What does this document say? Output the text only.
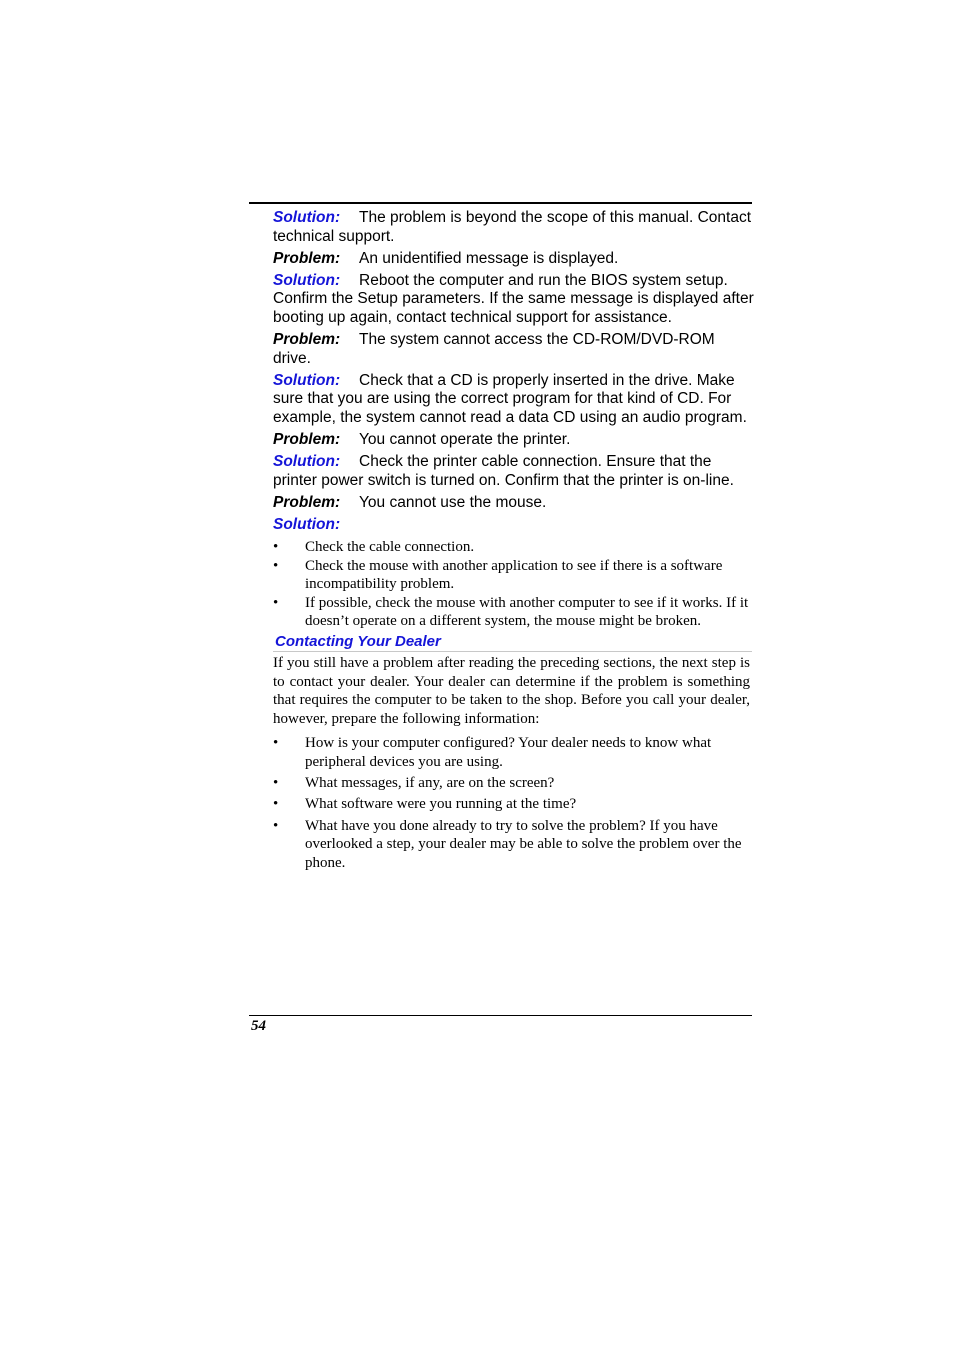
Solution: The problem is beyond the scope of this manual. Contact technical support.

Problem: An unidentified message is displayed.

Solution: Reboot the computer and run the BIOS system setup. Confirm the Setup parameters. If the same message is displayed after booting up again, contact technical support for assistance.

Problem: The system cannot access the CD-ROM/DVD-ROM drive.

Solution: Check that a CD is properly inserted in the drive. Make sure that you are using the correct program for that kind of CD. For example, the system cannot read a data CD using an audio program.

Problem: You cannot operate the printer.

Solution: Check the printer cable connection. Ensure that the printer power switch is turned on. Confirm that the printer is on-line.

Problem: You cannot use the mouse.

Solution:

•	Check the cable connection.
•	Check the mouse with another application to see if there is a software incompatibility problem.
•	If possible, check the mouse with another computer to see if it works. If it doesn’t operate on a different system, the mouse might be broken.
Contacting Your Dealer

If you still have a problem after reading the preceding sections, the next step is to contact your dealer. Your dealer can determine if the problem is something that requires the computer to be taken to the shop. Before you call your dealer, however, prepare the following information:

•	How is your computer configured? Your dealer needs to know what peripheral devices you are using.
•	What messages, if any, are on the screen?
•	What software were you running at the time?
•	What have you done already to try to solve the problem? If you have overlooked a step, your dealer may be able to solve the problem over the phone.
54
